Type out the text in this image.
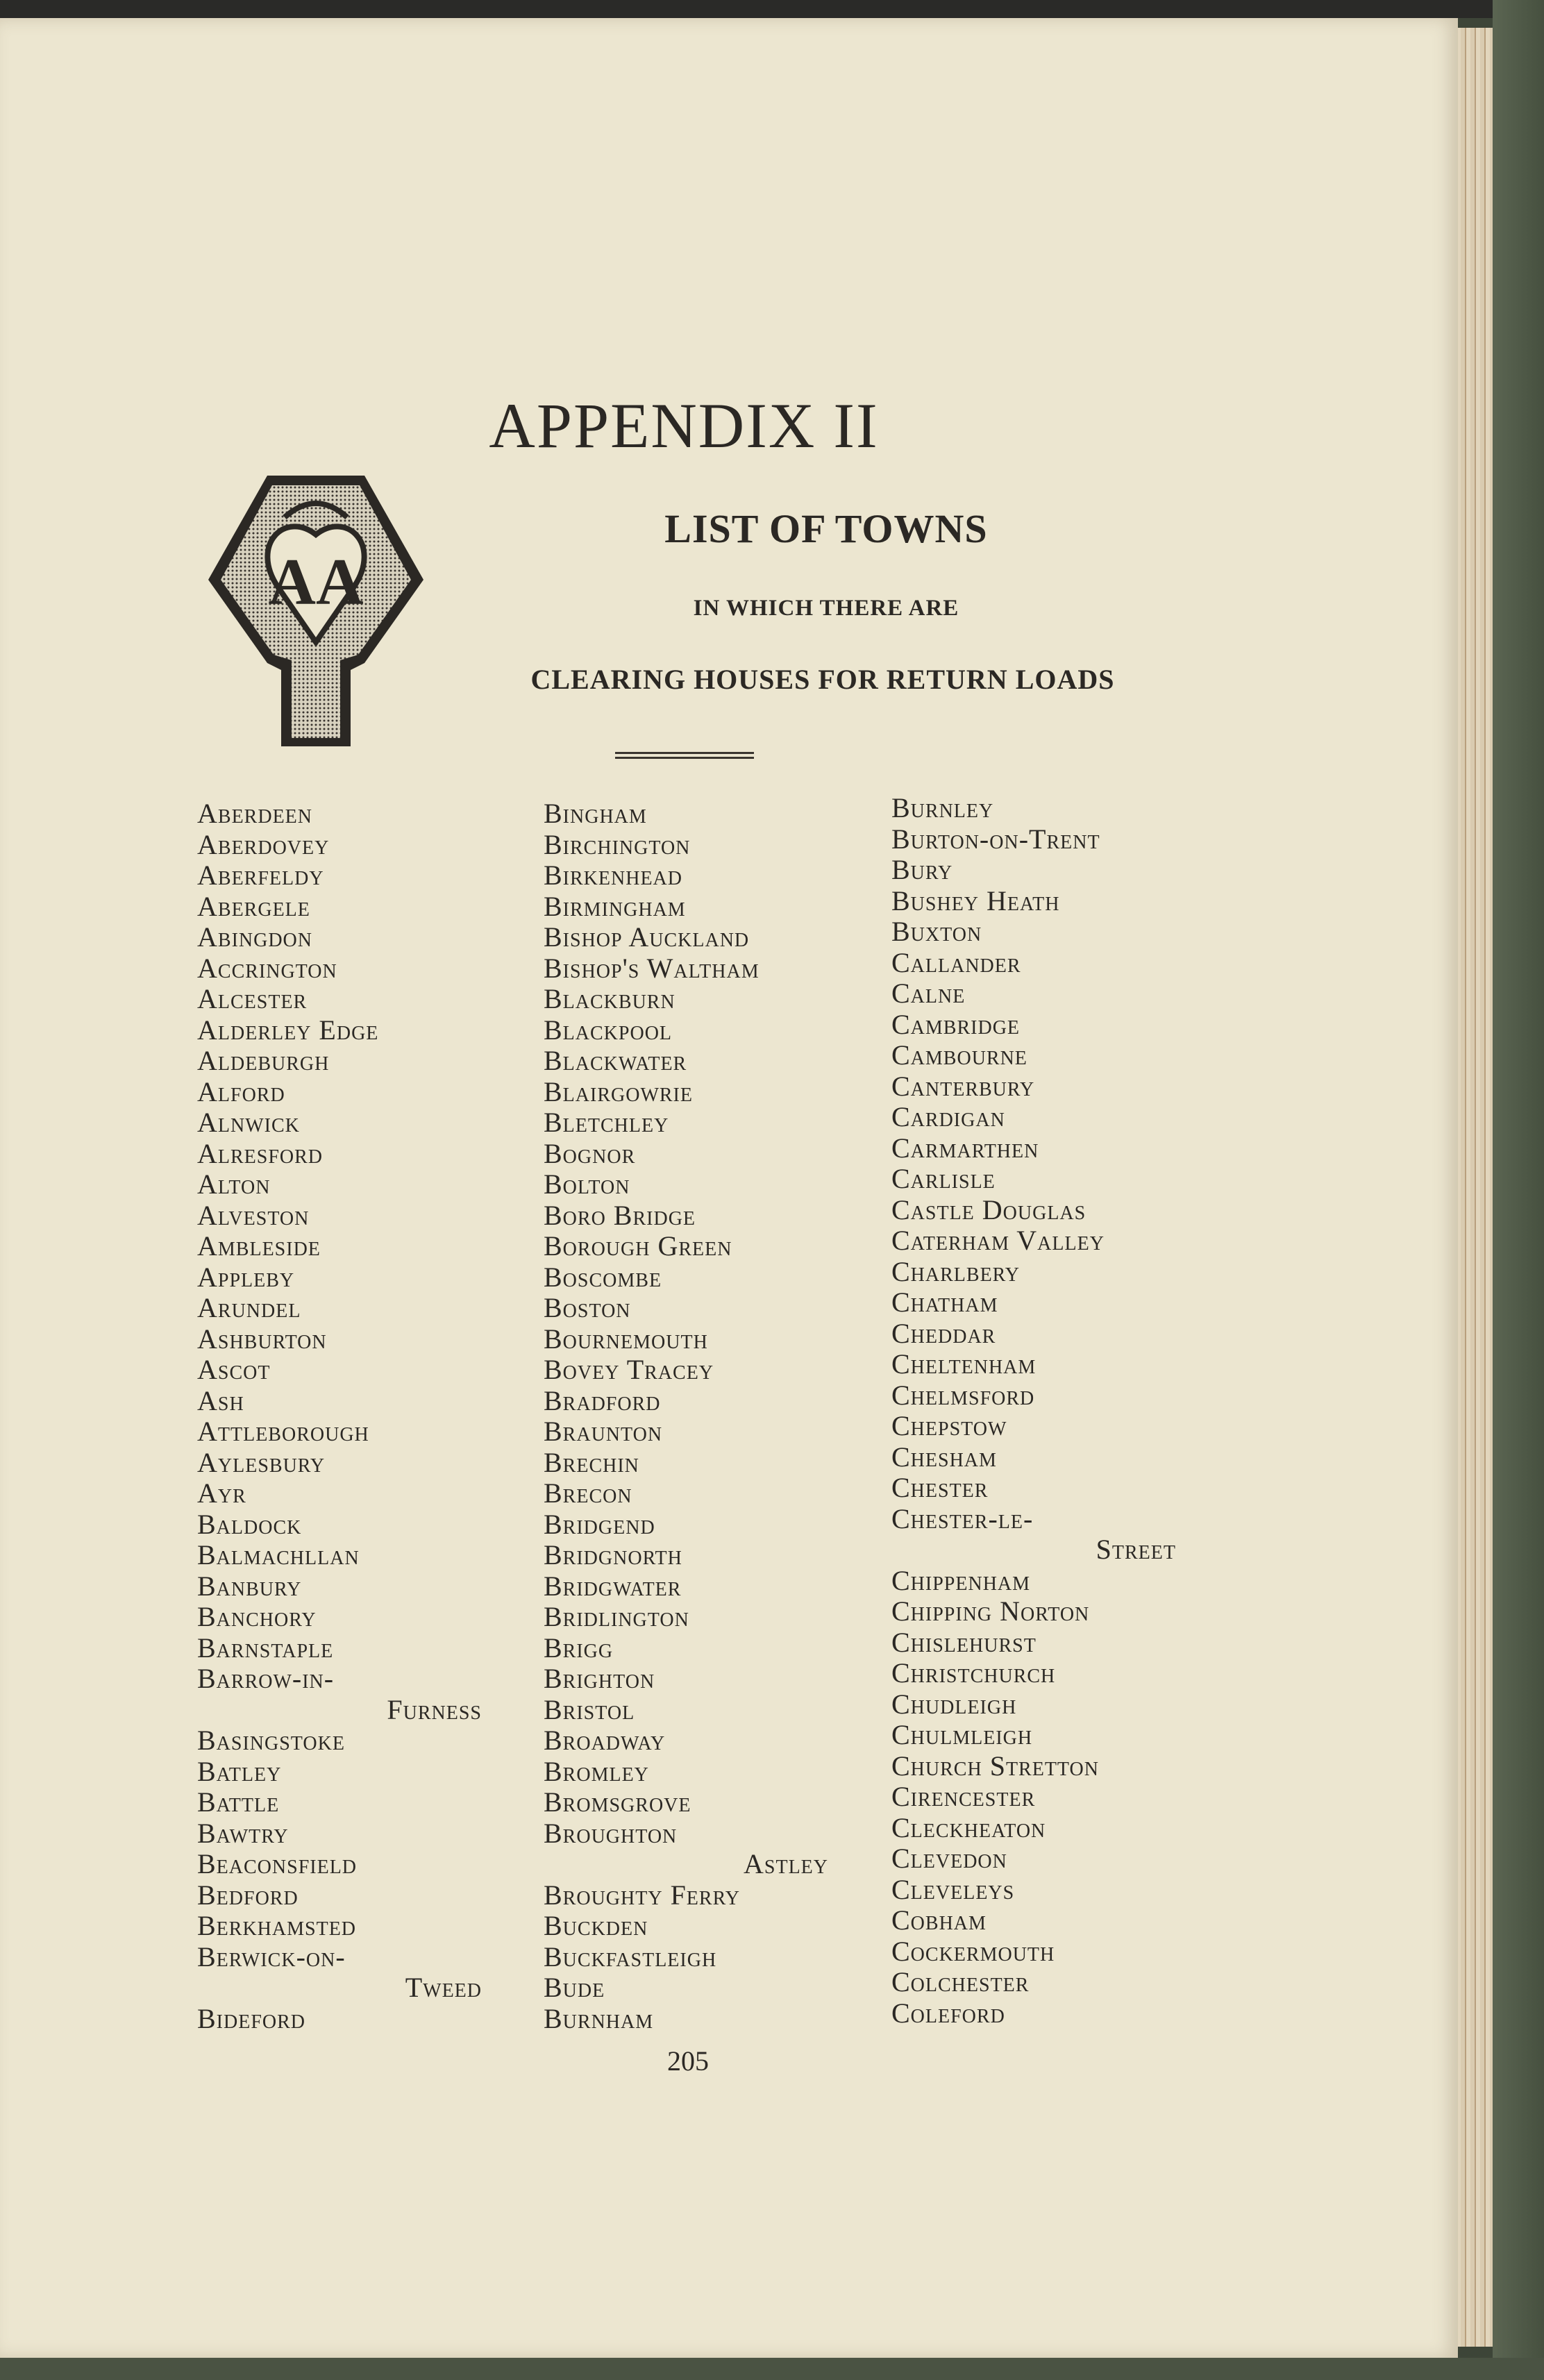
APPENDIX II
LIST OF TOWNS
IN WHICH THERE ARE
CLEARING HOUSES FOR RETURN LOADS
AA
Aberdeen
Aberdovey
Aberfeldy
Abergele
Abingdon
Accrington
Alcester
Alderley Edge
Aldeburgh
Alford
Alnwick
Alresford
Alton
Alveston
Ambleside
Appleby
Arundel
Ashburton
Ascot
Ash
Attleborough
Aylesbury
Ayr
Baldock
Balmachllan
Banbury
Banchory
Barnstaple
Barrow-in-
Furness
Basingstoke
Batley
Battle
Bawtry
Beaconsfield
Bedford
Berkhamsted
Berwick-on-
Tweed
Bideford
Bingham
Birchington
Birkenhead
Birmingham
Bishop Auckland
Bishop's Waltham
Blackburn
Blackpool
Blackwater
Blairgowrie
Bletchley
Bognor
Bolton
Boro Bridge
Borough Green
Boscombe
Boston
Bournemouth
Bovey Tracey
Bradford
Braunton
Brechin
Brecon
Bridgend
Bridgnorth
Bridgwater
Bridlington
Brigg
Brighton
Bristol
Broadway
Bromley
Bromsgrove
Broughton
Astley
Broughty Ferry
Buckden
Buckfastleigh
Bude
Burnham
Burnley
Burton-on-Trent
Bury
Bushey Heath
Buxton
Callander
Calne
Cambridge
Cambourne
Canterbury
Cardigan
Carmarthen
Carlisle
Castle Douglas
Caterham Valley
Charlbery
Chatham
Cheddar
Cheltenham
Chelmsford
Chepstow
Chesham
Chester
Chester-le-
Street
Chippenham
Chipping Norton
Chislehurst
Christchurch
Chudleigh
Chulmleigh
Church Stretton
Cirencester
Cleckheaton
Clevedon
Cleveleys
Cobham
Cockermouth
Colchester
Coleford
205
